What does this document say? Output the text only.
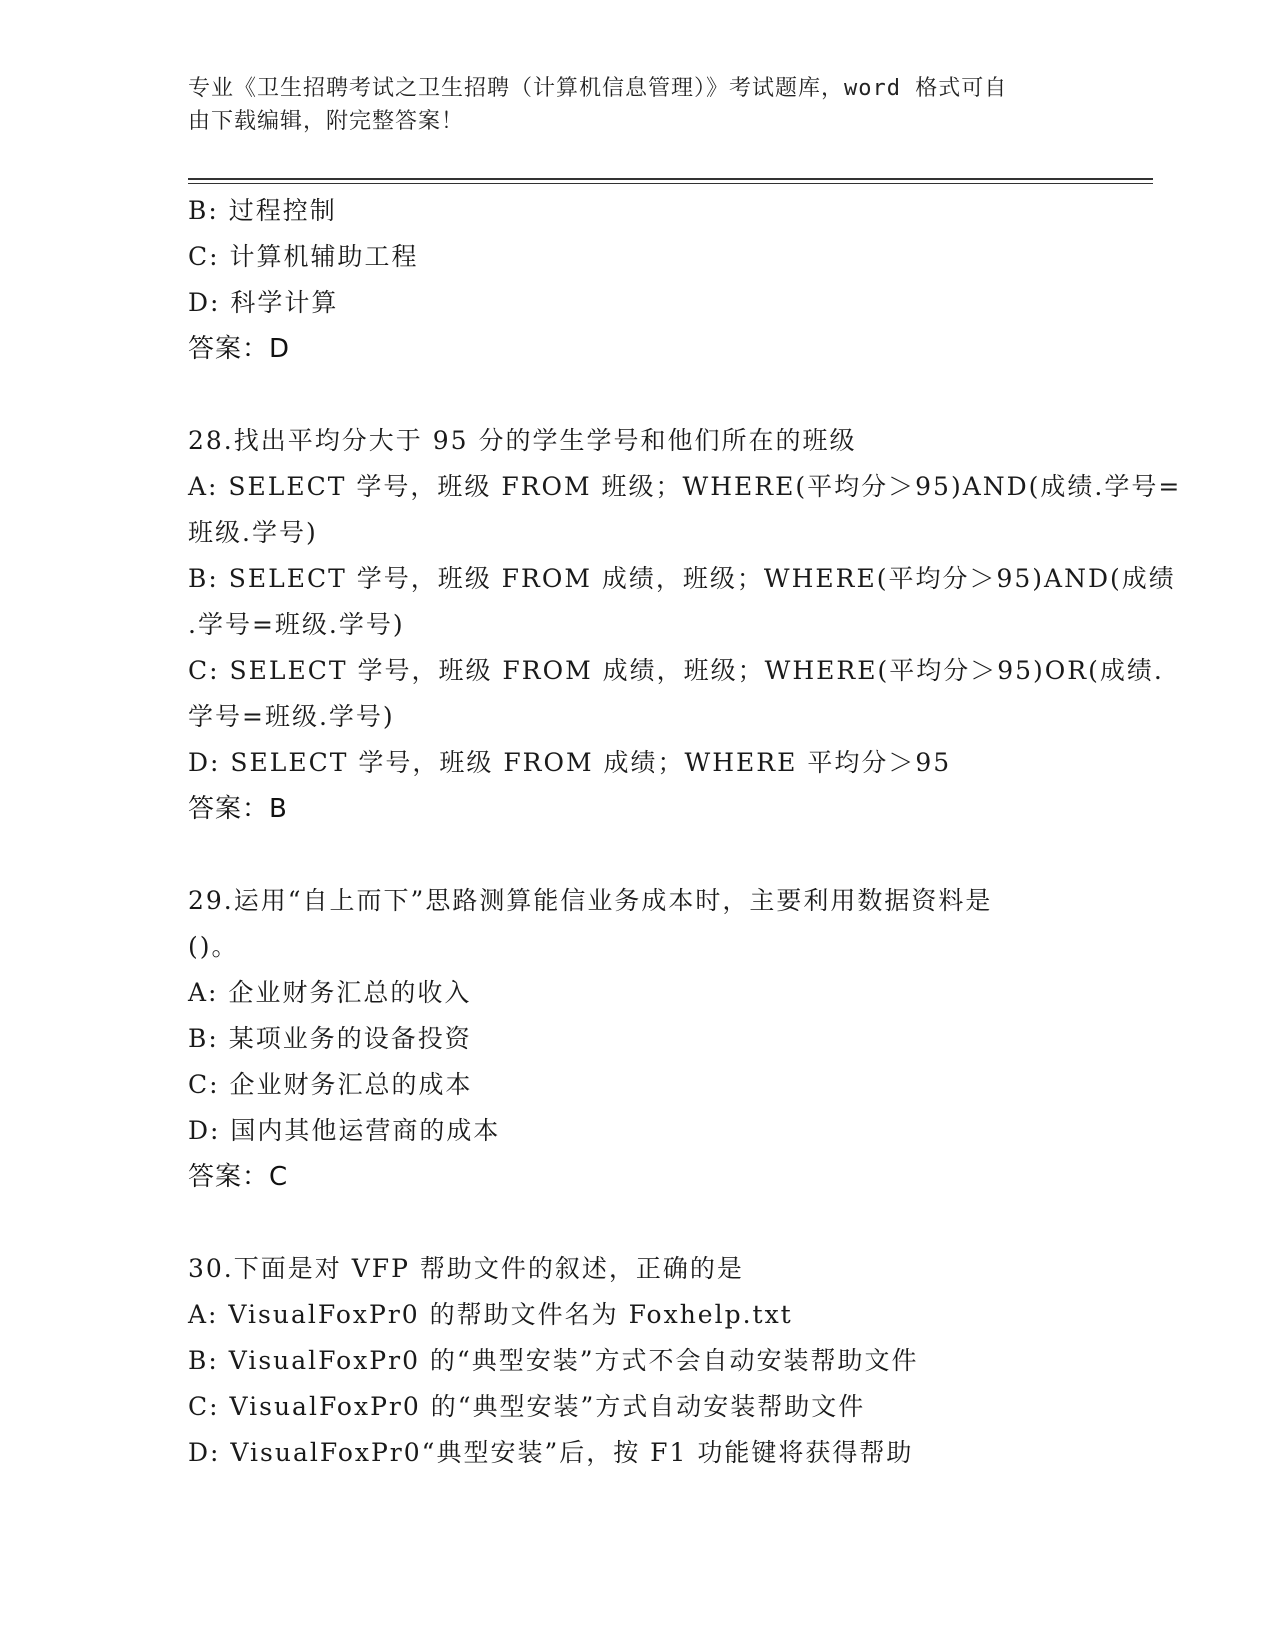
专业《卫生招聘考试之卫生招聘（计算机信息管理）》考试题库，word 格式可自
由下载编辑，附完整答案！
B: 过程控制
C: 计算机辅助工程
D: 科学计算
答案：D
28.找出平均分大于 95 分的学生学号和他们所在的班级
A: SELECT 学号，班级 FROM 班级；WHERE(平均分＞95)AND(成绩.学号=
班级.学号)
B: SELECT 学号，班级 FROM 成绩，班级；WHERE(平均分＞95)AND(成绩
.学号=班级.学号)
C: SELECT 学号，班级 FROM 成绩，班级；WHERE(平均分＞95)OR(成绩.
学号=班级.学号)
D: SELECT 学号，班级 FROM 成绩；WHERE 平均分＞95
答案：B
29.运用“自上而下”思路测算能信业务成本时，主要利用数据资料是
()。
A: 企业财务汇总的收入
B: 某项业务的设备投资
C: 企业财务汇总的成本
D: 国内其他运营商的成本
答案：C
30.下面是对 VFP 帮助文件的叙述，正确的是
A: VisualFoxPr0 的帮助文件名为 Foxhelp.txt
B: VisualFoxPr0 的“典型安装”方式不会自动安装帮助文件
C: VisualFoxPr0 的“典型安装”方式自动安装帮助文件
D: VisualFoxPr0“典型安装”后，按 F1 功能键将获得帮助
